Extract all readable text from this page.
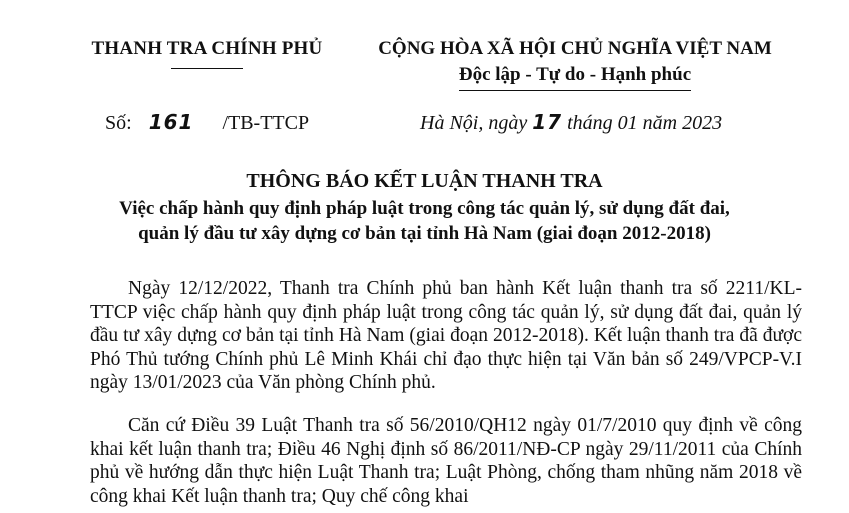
THANH TRA CHÍNH PHỦ	CỘNG HÒA XÃ HỘI CHỦ NGHĨA VIỆT NAM
Độc lập - Tự do - Hạnh phúc
Số: 161 /TB-TTCP	Hà Nội, ngày 17 tháng 01 năm 2023
THÔNG BÁO KẾT LUẬN THANH TRA
Việc chấp hành quy định pháp luật trong công tác quản lý, sử dụng đất đai,
quản lý đầu tư xây dựng cơ bản tại tỉnh Hà Nam (giai đoạn 2012-2018)
Ngày 12/12/2022, Thanh tra Chính phủ ban hành Kết luận thanh tra số 2211/KL-TTCP việc chấp hành quy định pháp luật trong công tác quản lý, sử dụng đất đai, quản lý đầu tư xây dựng cơ bản tại tỉnh Hà Nam (giai đoạn 2012-2018). Kết luận thanh tra đã được Phó Thủ tướng Chính phủ Lê Minh Khái chỉ đạo thực hiện tại Văn bản số 249/VPCP-V.I ngày 13/01/2023 của Văn phòng Chính phủ.
Căn cứ Điều 39 Luật Thanh tra số 56/2010/QH12 ngày 01/7/2010 quy định về công khai kết luận thanh tra; Điều 46 Nghị định số 86/2011/NĐ-CP ngày 29/11/2011 của Chính phủ về hướng dẫn thực hiện Luật Thanh tra; Luật Phòng, chống tham nhũng năm 2018 về công khai Kết luận thanh tra; Quy chế công khai
